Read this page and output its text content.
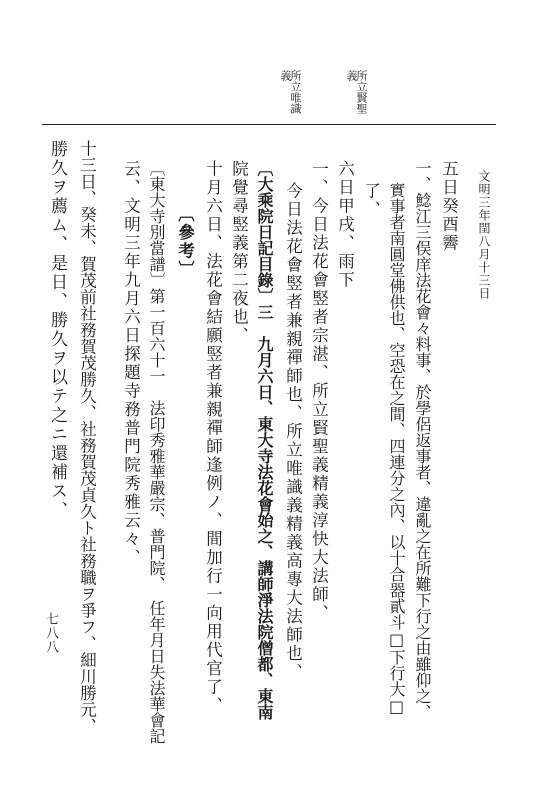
文明三年閏八月十三日
義
所立賢聖
義
所立唯識
五日癸酉霽
一、鯰江三俣庠法花會々料事、於學侶返事者、違亂之在所難下行之由雖仰之、
實事者南圓堂佛供也、空恐在之間、四連分之內、以十合器貳斗□下行大□
了、
六日甲戌、雨下
一、今日法花會竪者宗湛、所立賢聖義精義淳快大法師、
今日法花會竪者兼親禪師也、所立唯識義精義高專大法師也、
〔大乘院日記目錄〕三　九月六日、東大寺法花會始之、講師淨法院僧都、東南
院覺尋竪義第二夜也、
十月六日、法花會結願竪者兼親禪師逢例ノ、間加行一向用代官了、
〔參考〕
〔東大寺別當譜〕第一百六十一　法印秀雅華嚴宗、普門院、　任年月日失法華會記
云、文明三年九月六日探題寺務普門院秀雅云々、
十三日、癸未、賀茂前社務賀茂勝久、社務賀茂貞久ト社務職ヲ爭フ、細川勝元、
勝久ヲ薦ム、是日、勝久ヲ以テ之ニ還補ス、
七八八
